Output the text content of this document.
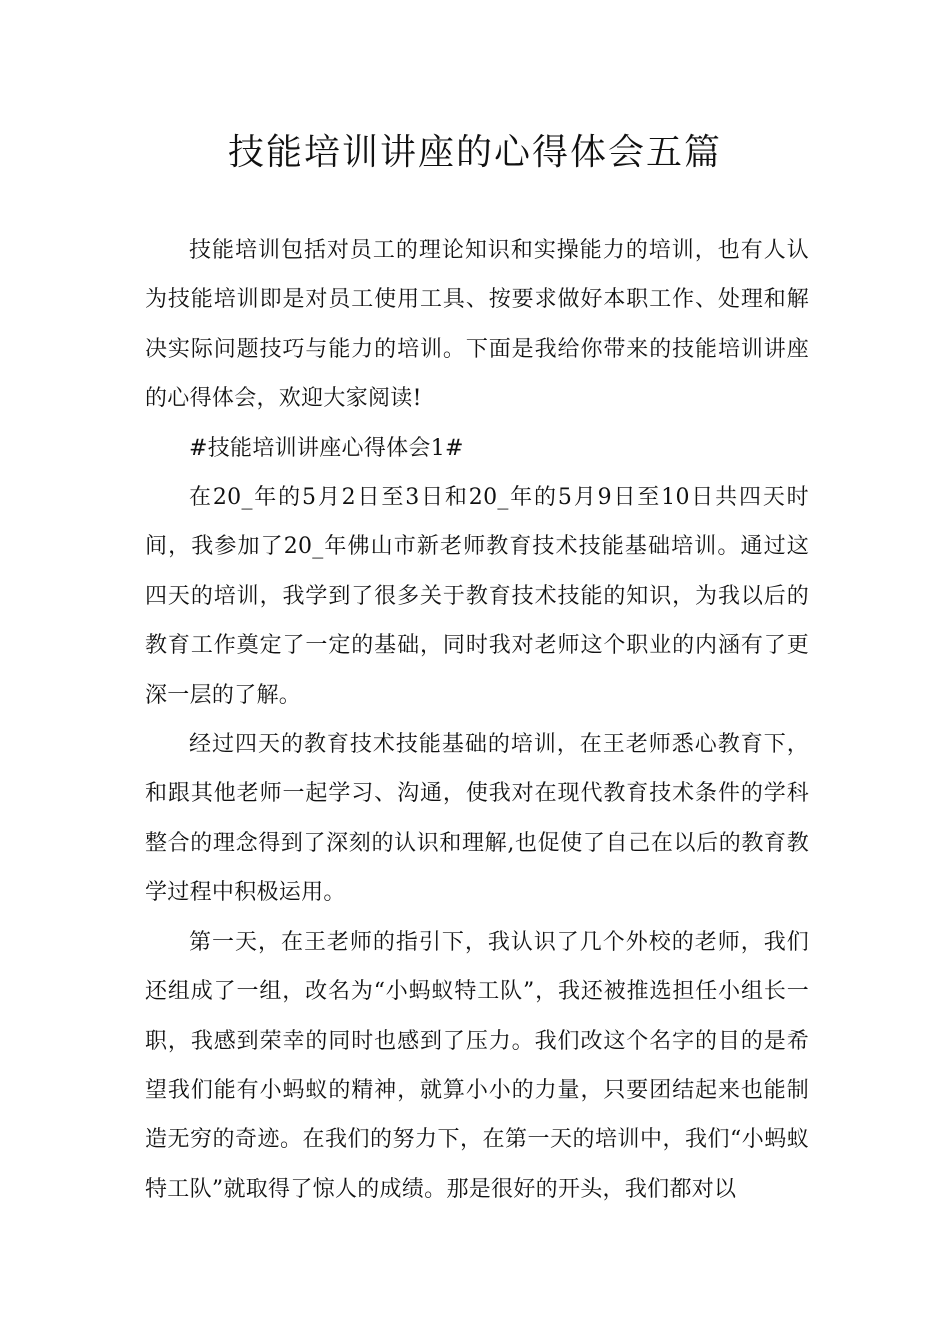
技能培训讲座的心得体会五篇

技能培训包括对员工的理论知识和实操能力的培训，也有人认为技能培训即是对员工使用工具、按要求做好本职工作、处理和解决实际问题技巧与能力的培训。下面是我给你带来的技能培训讲座的心得体会，欢迎大家阅读!

#技能培训讲座心得体会1#

在20_年的5月2日至3日和20_年的5月9日至10日共四天时间，我参加了20_年佛山市新老师教育技术技能基础培训。通过这四天的培训，我学到了很多关于教育技术技能的知识，为我以后的教育工作奠定了一定的基础，同时我对老师这个职业的内涵有了更深一层的了解。

经过四天的教育技术技能基础的培训，在王老师悉心教育下，和跟其他老师一起学习、沟通，使我对在现代教育技术条件的学科整合的理念得到了深刻的认识和理解,也促使了自己在以后的教育教学过程中积极运用。

第一天，在王老师的指引下，我认识了几个外校的老师，我们还组成了一组，改名为“小蚂蚁特工队”，我还被推选担任小组长一职，我感到荣幸的同时也感到了压力。我们改这个名字的目的是希望我们能有小蚂蚁的精神，就算小小的力量，只要团结起来也能制造无穷的奇迹。在我们的努力下，在第一天的培训中，我们“小蚂蚁特工队”就取得了惊人的成绩。那是很好的开头，我们都对以
